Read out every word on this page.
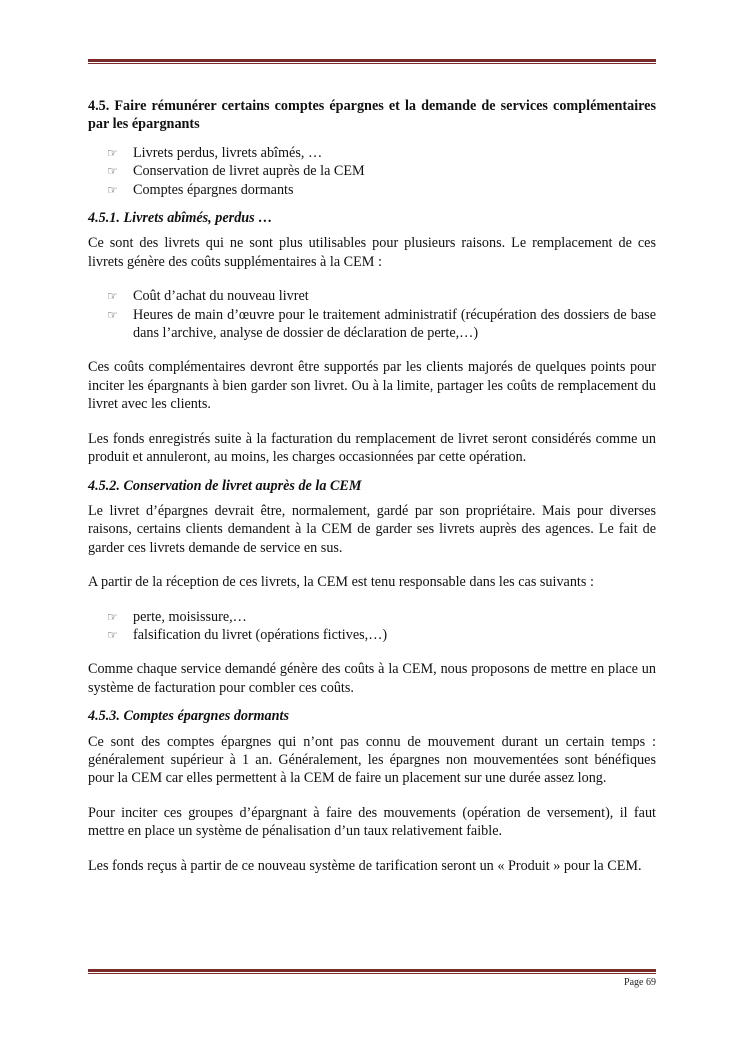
4.5. Faire rémunérer certains comptes épargnes et la demande de services complémentaires par les épargnants

☞	Livrets perdus, livrets abîmés, …
☞	Conservation de livret auprès de la CEM
☞	Comptes épargnes dormants

4.5.1. Livrets abîmés, perdus …

Ce sont des livrets qui ne sont plus utilisables pour plusieurs raisons. Le remplacement de ces livrets génère des coûts supplémentaires à la CEM :

☞	Coût d’achat du nouveau livret
☞	Heures de main d’œuvre pour le traitement administratif (récupération des dossiers de base dans l’archive, analyse de dossier de déclaration de perte,…)

Ces coûts complémentaires devront être supportés par les clients majorés de quelques points pour inciter les épargnants à bien garder son livret. Ou à la limite, partager les coûts de remplacement du livret avec les clients.

Les fonds enregistrés suite à la facturation du remplacement de livret seront considérés comme un produit et annuleront, au moins, les charges occasionnées par cette opération.

4.5.2. Conservation de livret auprès de la CEM

Le livret d’épargnes devrait être, normalement, gardé par son propriétaire. Mais pour diverses raisons, certains clients demandent à la CEM de garder ses livrets auprès des agences. Le fait de garder ces livrets demande de service en sus.

A partir de la réception de ces livrets, la CEM est tenu responsable dans les cas suivants :

☞	perte, moisissure,…
☞	falsification du livret (opérations fictives,…)

Comme chaque service demandé génère des coûts à la CEM, nous proposons de mettre en place un système de facturation pour combler ces coûts.

4.5.3. Comptes épargnes dormants

Ce sont des comptes épargnes qui n’ont pas connu de mouvement durant un certain temps : généralement supérieur à 1 an. Généralement, les épargnes non mouvementées sont bénéfiques pour la CEM car elles permettent à la CEM de faire un placement sur une durée assez long.

Pour inciter ces groupes d’épargnant à faire des mouvements (opération de versement), il faut mettre en place un système de pénalisation d’un taux relativement faible.

Les fonds reçus à partir de ce nouveau système de tarification seront un « Produit » pour la CEM.

Page 69
